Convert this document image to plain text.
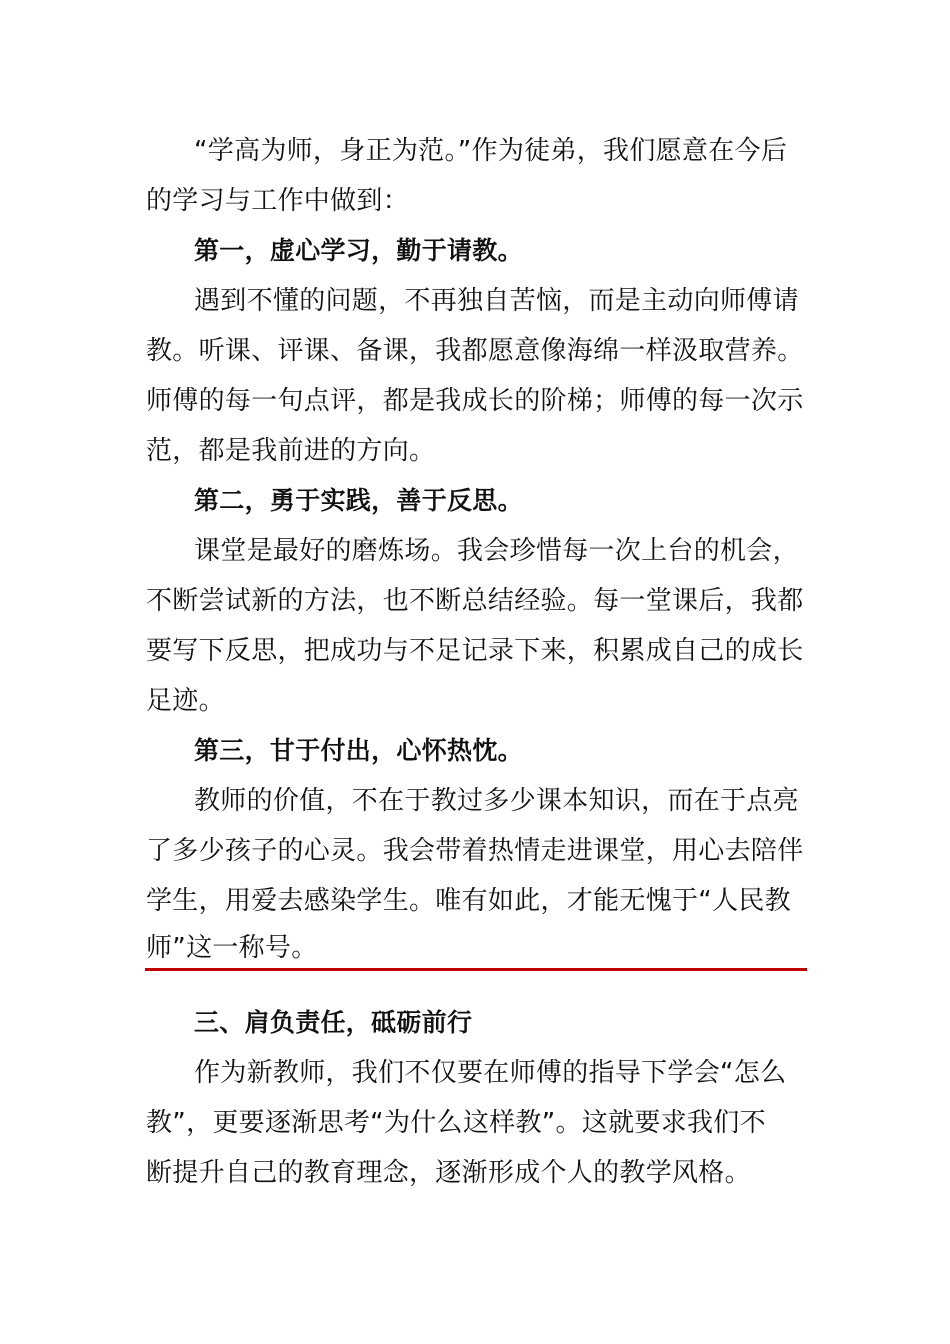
“学高为师，身正为范。”作为徒弟，我们愿意在今后
的学习与工作中做到：
第一，虚心学习，勤于请教。
遇到不懂的问题，不再独自苦恼，而是主动向师傅请
教。听课、评课、备课，我都愿意像海绵一样汲取营养。
师傅的每一句点评，都是我成长的阶梯；师傅的每一次示
范，都是我前进的方向。
第二，勇于实践，善于反思。
课堂是最好的磨炼场。我会珍惜每一次上台的机会，
不断尝试新的方法，也不断总结经验。每一堂课后，我都
要写下反思，把成功与不足记录下来，积累成自己的成长
足迹。
第三，甘于付出，心怀热忱。
教师的价值，不在于教过多少课本知识，而在于点亮
了多少孩子的心灵。我会带着热情走进课堂，用心去陪伴
学生，用爱去感染学生。唯有如此，才能无愧于“人民教
师”这一称号。
三、肩负责任，砥砺前行
作为新教师，我们不仅要在师傅的指导下学会“怎么
教”，更要逐渐思考“为什么这样教”。这就要求我们不
断提升自己的教育理念，逐渐形成个人的教学风格。
